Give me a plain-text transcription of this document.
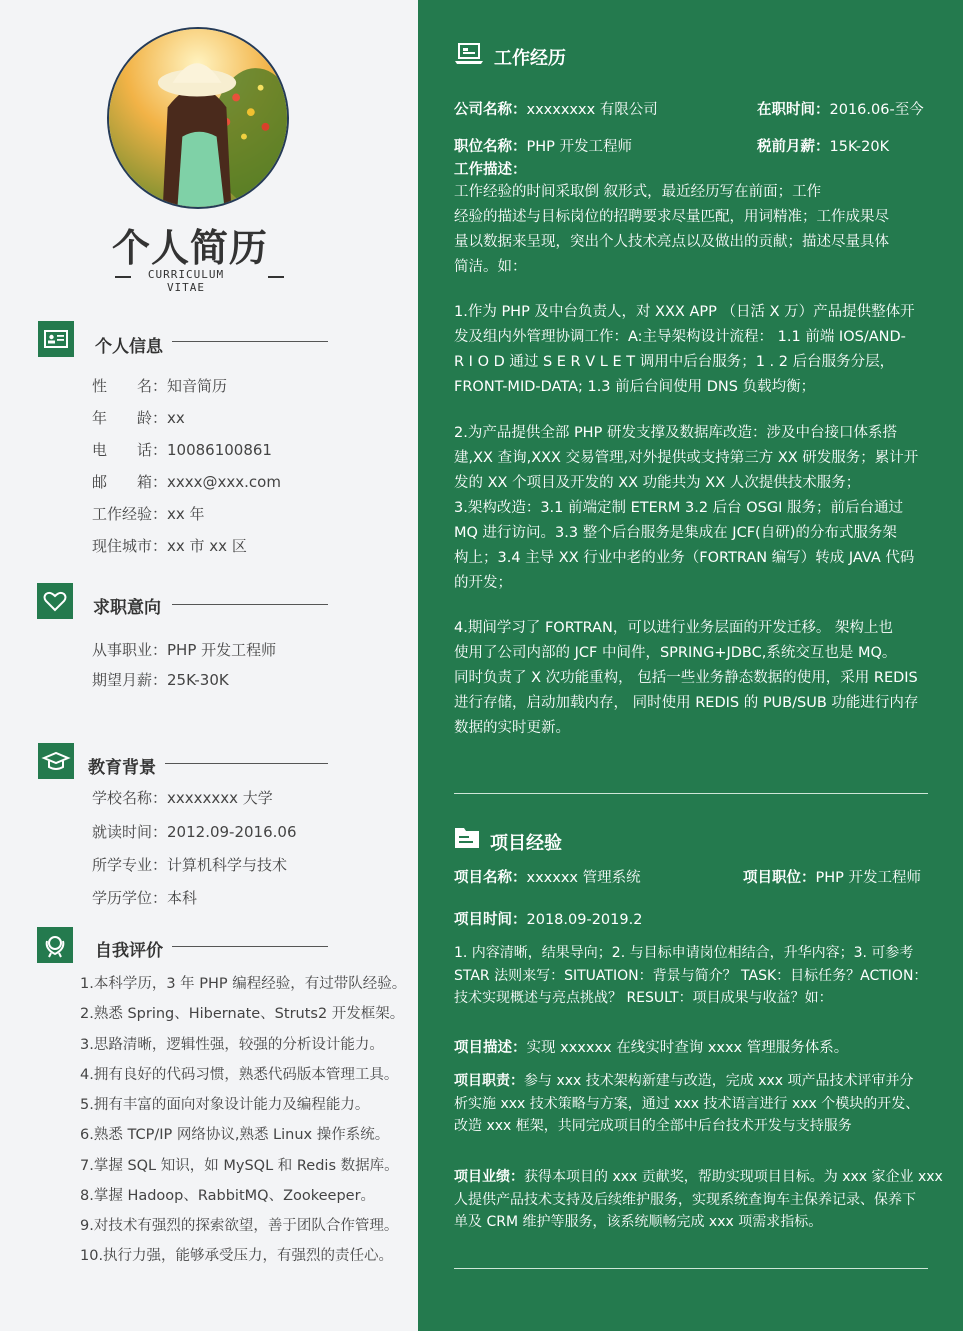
个人简历
CURRICULUM VITAE
个人信息
性　　名：知音简历
年　　龄：xx
电　　话：10086100861
邮　　箱：xxxx@xxx.com
工作经验：xx 年
现住城市：xx 市 xx 区
求职意向
从事职业：PHP 开发工程师
期望月薪：25K-30K
教育背景
学校名称：xxxxxxxx 大学
就读时间：2012.09-2016.06
所学专业：计算机科学与技术
学历学位：本科
自我评价
1.本科学历，3 年 PHP 编程经验，有过带队经验。
2.熟悉 Spring、Hibernate、Struts2 开发框架。
3.思路清晰，逻辑性强，较强的分析设计能力。
4.拥有良好的代码习惯，熟悉代码版本管理工具。
5.拥有丰富的面向对象设计能力及编程能力。
6.熟悉 TCP/IP 网络协议,熟悉 Linux 操作系统。
7.掌握 SQL 知识，如 MySQL 和 Redis 数据库。
8.掌握 Hadoop、RabbitMQ、Zookeeper。
9.对技术有强烈的探索欲望，善于团队合作管理。
10.执行力强，能够承受压力，有强烈的责任心。
工作经历
公司名称：xxxxxxxx 有限公司	在职时间：2016.06-至今
职位名称：PHP 开发工程师	税前月薪：15K-20K
工作描述：
工作经验的时间采取倒 叙形式，最近经历写在前面；工作
经验的描述与目标岗位的招聘要求尽量匹配，用词精准；工作成果尽
量以数据来呈现，突出个人技术亮点以及做出的贡献；描述尽量具体
简洁。如：
1.作为 PHP 及中台负责人，对 XXX APP （日活 X 万）产品提供整体开
发及组内外管理协调工作：A:主导架构设计流程： 1.1 前端 IOS/AND-
R I O D 通过 S E R V L E T 调用中后台服务；1 . 2 后台服务分层，
FRONT-MID-DATA; 1.3 前后台间使用 DNS 负载均衡；
2.为产品提供全部 PHP 研发支撑及数据库改造：涉及中台接口体系搭
建,XX 查询,XXX 交易管理,对外提供或支持第三方 XX 研发服务；累计开
发的 XX 个项目及开发的 XX 功能共为 XX 人次提供技术服务；
3.架构改造：3.1 前端定制 ETERM 3.2 后台 OSGI 服务；前后台通过
MQ 进行访问。3.3 整个后台服务是集成在 JCF(自研)的分布式服务架
构上；3.4 主导 XX 行业中老的业务（FORTRAN 编写）转成 JAVA 代码
的开发；
4.期间学习了 FORTRAN，可以进行业务层面的开发迁移。 架构上也
使用了公司内部的 JCF 中间件，SPRING+JDBC,系统交互也是 MQ。
同时负责了 X 次功能重构， 包括一些业务静态数据的使用，采用 REDIS
进行存储，启动加载内存， 同时使用 REDIS 的 PUB/SUB 功能进行内存
数据的实时更新。
项目经验
项目名称：xxxxxx 管理系统	项目职位：PHP 开发工程师
项目时间：2018.09-2019.2
1. 内容清晰，结果导向；2. 与目标申请岗位相结合，升华内容；3. 可参考
STAR 法则来写：SITUATION：背景与简介？ TASK：目标任务？ACTION：
技术实现概述与亮点挑战？ RESULT：项目成果与收益？如：
项目描述：实现 xxxxxx 在线实时查询 xxxx 管理服务体系。
项目职责：参与 xxx 技术架构新建与改造，完成 xxx 项产品技术评审并分
析实施 xxx 技术策略与方案，通过 xxx 技术语言进行 xxx 个模块的开发、
改造 xxx 框架，共同完成项目的全部中后台技术开发与支持服务
项目业绩：获得本项目的 xxx 贡献奖，帮助实现项目目标。为 xxx 家企业 xxx
人提供产品技术支持及后续维护服务，实现系统查询车主保养记录、保养下
单及 CRM 维护等服务，该系统顺畅完成 xxx 项需求指标。
